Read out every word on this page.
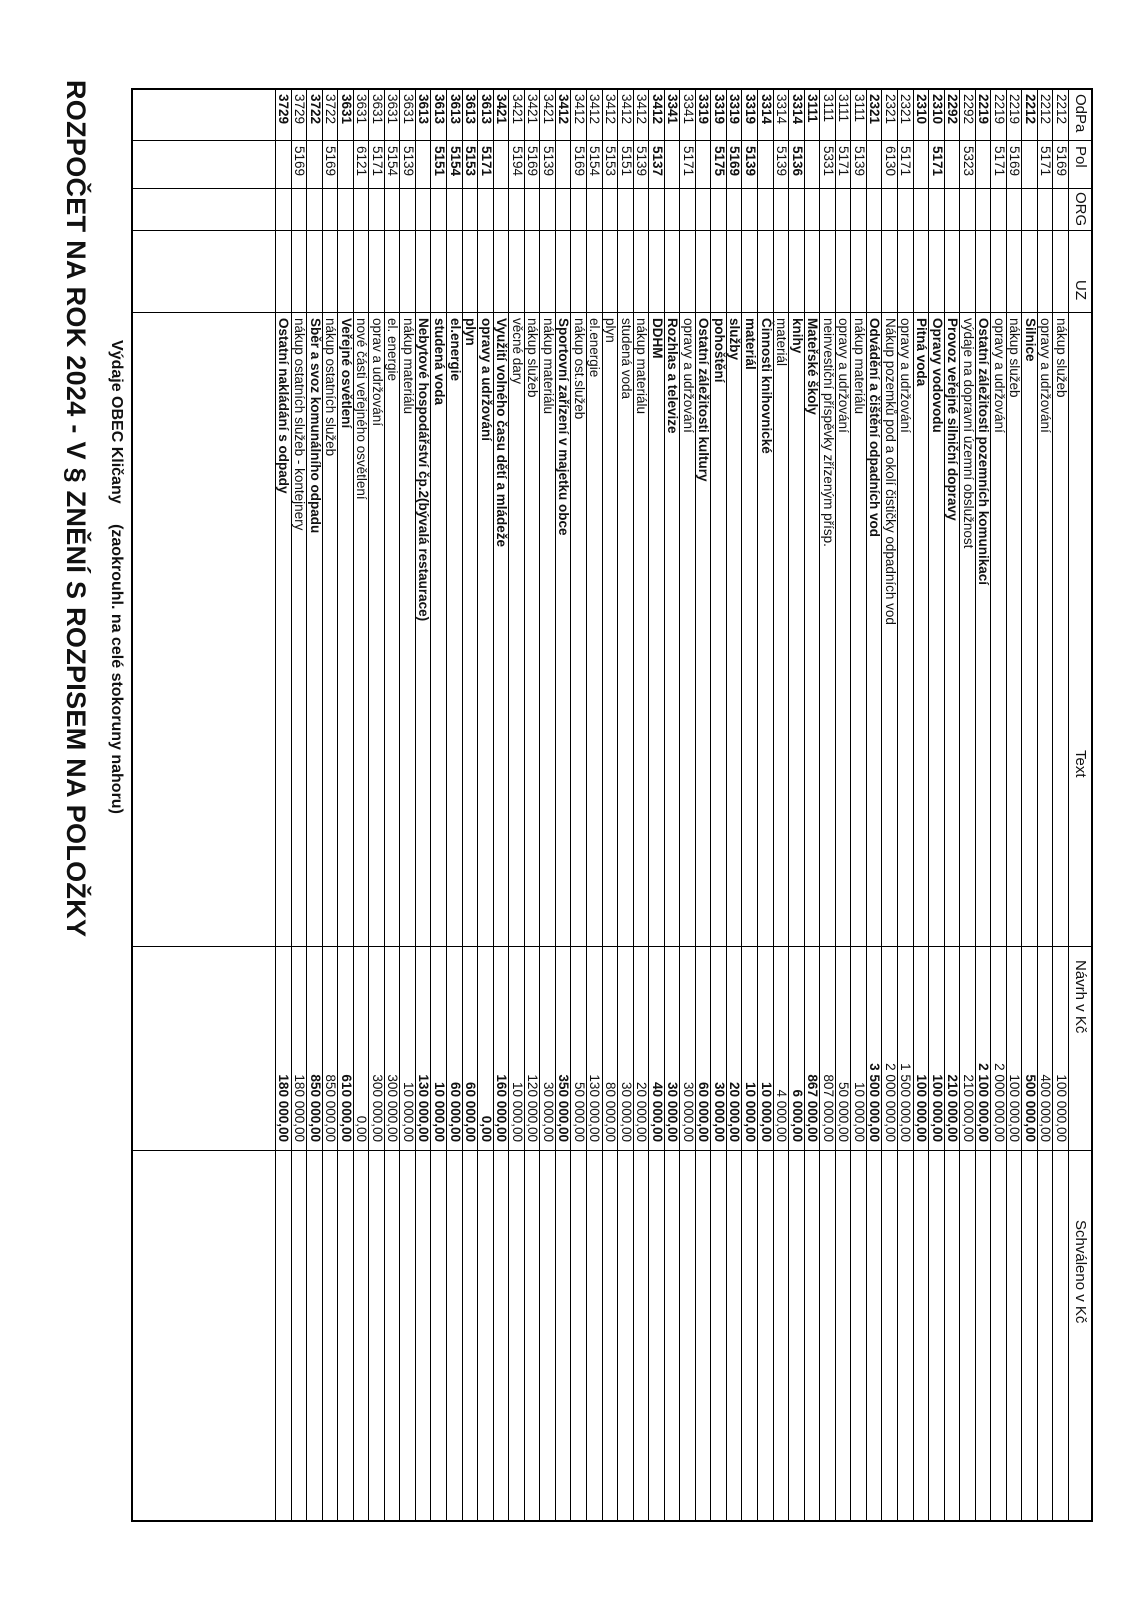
ROZPOČET NA ROK 2024 - V § ZNĚNÍ S ROZPISEM NA POLOŽKY Výdaje OBEC Kličany (zaokrouhl. na celé stokoruny nahoru)
OdPa
Pol
ORG
UZ
Text
Návrh v Kč
Schváleno v Kč
2212
5169
nákup služeb
100 000,00
2212
5171
opravy a udržování
400 000,00
2212
Silnice
500 000,00
2219
5169
nákup služeb
100 000,00
2219
5171
opravy a udržování
2 000 000,00
2219
Ostatní záležitosti pozemních komunikací
2 100 000,00
2292
5323
výdaje na dopravní územní obslužnost
210 000,00
2292
Provoz veřejné silniční dopravy
210 000,00
2310
5171
Opravy vodovodu
100 000,00
2310
Pitná voda
100 000,00
2321
5171
opravy a udržování
1 500 000,00
2321
6130
Nákup pozemků pod a okolí čističky odpadních vod
2 000 000,00
2321
Odvádění a čištění odpadních vod
3 500 000,00
3111
5139
nákup materiálu
10 000,00
3111
5171
opravy a udržování
50 000,00
3111
5331
neinvestiční příspěvky zřízeným přísp.
807 000,00
3111
Mateřské školy
867 000,00
3314
5136
knihy
6 000,00
3314
5139
materiál
4 000,00
3314
Činnosti knihovnické
10 000,00
3319
5139
materiál
10 000,00
3319
5169
služby
20 000,00
3319
5175
pohoštění
30 000,00
3319
Ostatní záležitosti kultury
60 000,00
3341
5171
opravy a udržování
30 000,00
3341
Rozhlas a televize
30 000,00
3412
5137
DDHM
40 000,00
3412
5139
nákup materiálu
20 000,00
3412
5151
studená voda
30 000,00
3412
5153
plyn
80 000,00
3412
5154
el.energie
130 000,00
3412
5169
nákup ost.služeb
50 000,00
3412
Sportovní zařízení v majetku obce
350 000,00
3421
5139
nákup materiálu
30 000,00
3421
5169
nákup služeb
120 000,00
3421
5194
věcné dary
10 000,00
3421
Využití volného času dětí a mládeže
160 000,00
3613
5171
opravy a udržování
0,00
3613
5153
plyn
60 000,00
3613
5154
el.energie
60 000,00
3613
5151
studená voda
10 000,00
3613
Nebytové hospodářství čp.2(bývalá restaurace)
130 000,00
3631
5139
nákup materiálu
10 000,00
3631
5154
el. energie
300 000,00
3631
5171
oprav a udržování
300 000,00
3631
6121
nové části veřejného osvětlení
0,00
3631
Veřejné osvětlení
610 000,00
3722
5169
nákup ostatních služeb
850 000,00
3722
Sběr a svoz komunálního odpadu
850 000,00
3729
5169
nákup ostatních služeb - kontejnery
180 000,00
3729
Ostatní nakládání s odpady
180 000,00
